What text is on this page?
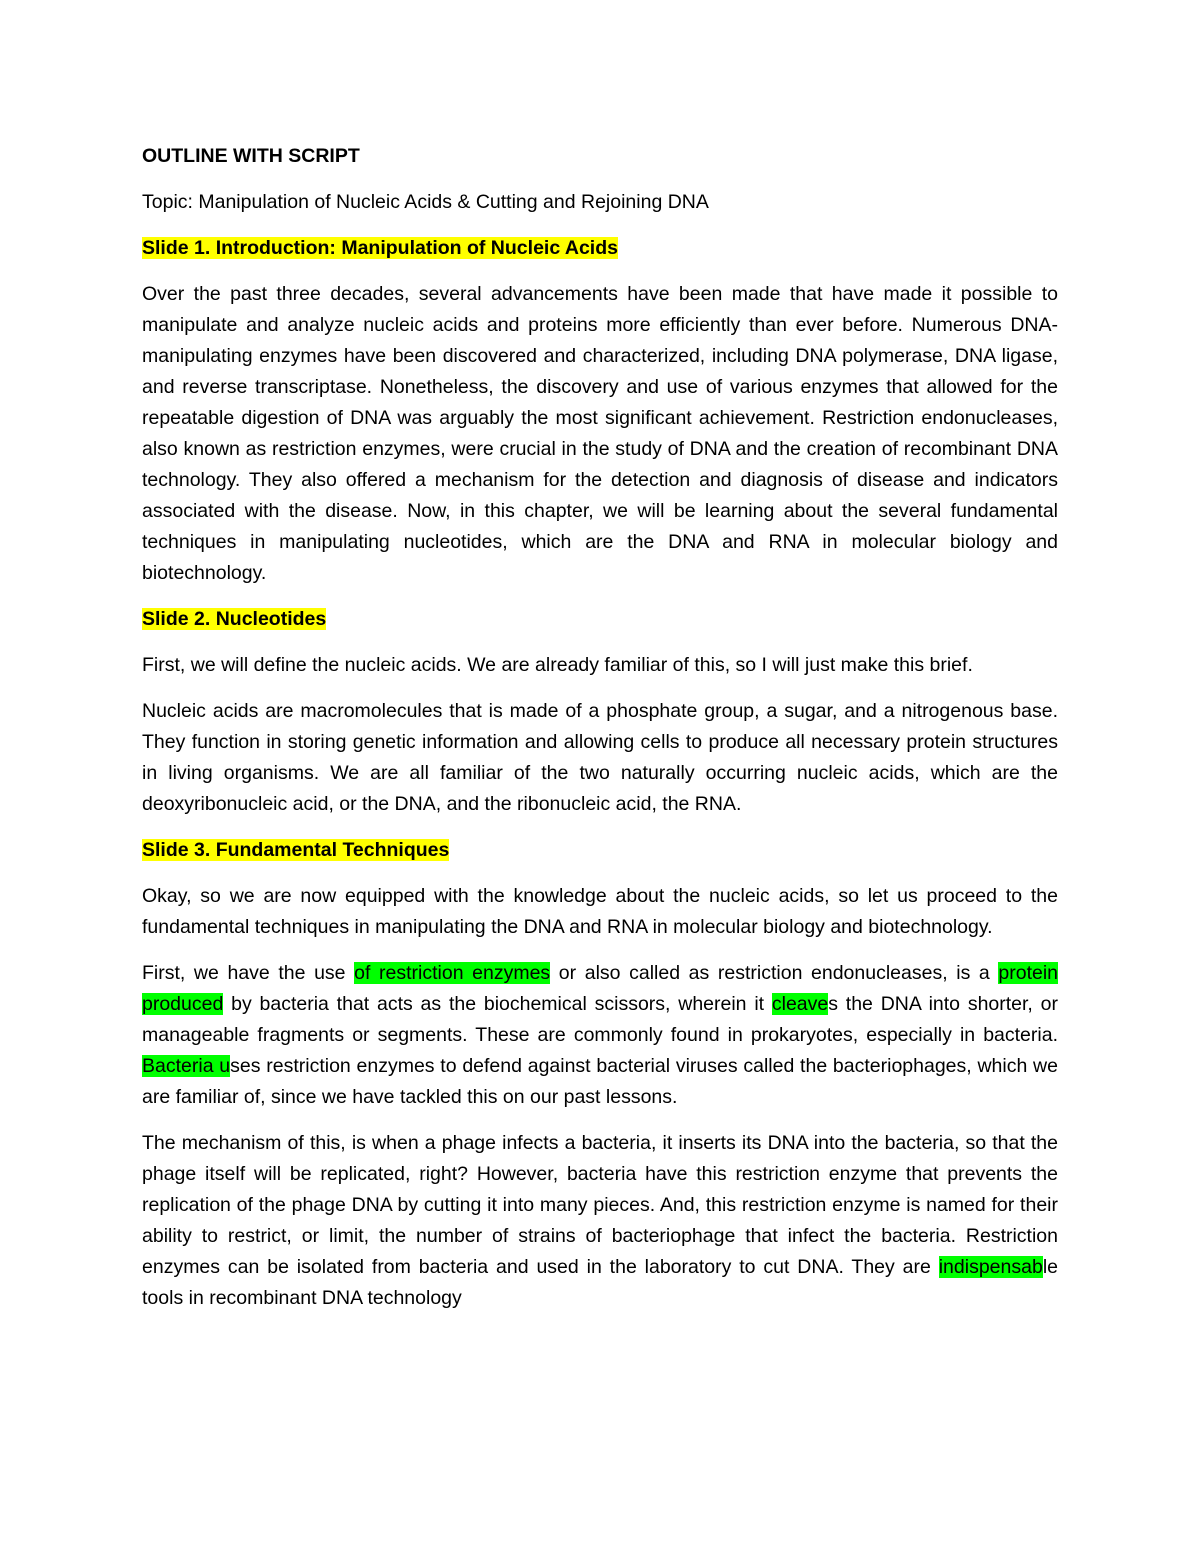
OUTLINE WITH SCRIPT

Topic: Manipulation of Nucleic Acids & Cutting and Rejoining DNA

Slide 1. Introduction: Manipulation of Nucleic Acids

Over the past three decades, several advancements have been made that have made it possible to manipulate and analyze nucleic acids and proteins more efficiently than ever before. Numerous DNA-manipulating enzymes have been discovered and characterized, including DNA polymerase, DNA ligase, and reverse transcriptase. Nonetheless, the discovery and use of various enzymes that allowed for the repeatable digestion of DNA was arguably the most significant achievement. Restriction endonucleases, also known as restriction enzymes, were crucial in the study of DNA and the creation of recombinant DNA technology. They also offered a mechanism for the detection and diagnosis of disease and indicators associated with the disease. Now, in this chapter, we will be learning about the several fundamental techniques in manipulating nucleotides, which are the DNA and RNA in molecular biology and biotechnology.

Slide 2. Nucleotides

First, we will define the nucleic acids. We are already familiar of this, so I will just make this brief.

Nucleic acids are macromolecules that is made of a phosphate group, a sugar, and a nitrogenous base. They function in storing genetic information and allowing cells to produce all necessary protein structures in living organisms. We are all familiar of the two naturally occurring nucleic acids, which are the deoxyribonucleic acid, or the DNA, and the ribonucleic acid, the RNA.

Slide 3. Fundamental Techniques

Okay, so we are now equipped with the knowledge about the nucleic acids, so let us proceed to the fundamental techniques in manipulating the DNA and RNA in molecular biology and biotechnology.

First, we have the use of restriction enzymes or also called as restriction endonucleases, is a protein produced by bacteria that acts as the biochemical scissors, wherein it cleaves the DNA into shorter, or manageable fragments or segments. These are commonly found in prokaryotes, especially in bacteria. Bacteria uses restriction enzymes to defend against bacterial viruses called the bacteriophages, which we are familiar of, since we have tackled this on our past lessons.

The mechanism of this, is when a phage infects a bacteria, it inserts its DNA into the bacteria, so that the phage itself will be replicated, right? However, bacteria have this restriction enzyme that prevents the replication of the phage DNA by cutting it into many pieces. And, this restriction enzyme is named for their ability to restrict, or limit, the number of strains of bacteriophage that infect the bacteria. Restriction enzymes can be isolated from bacteria and used in the laboratory to cut DNA. They are indispensable tools in recombinant DNA technology
